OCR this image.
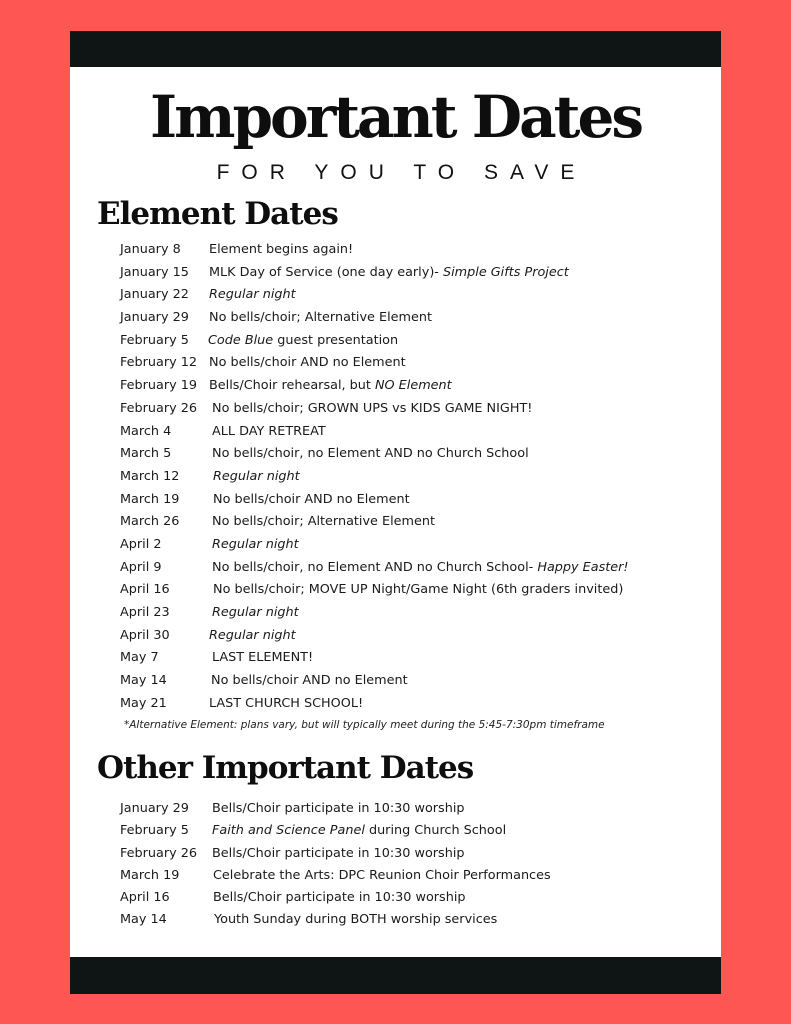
Important Dates
FOR YOU TO SAVE
Element Dates
January 8 Element begins again!
January 15 MLK Day of Service (one day early)- Simple Gifts Project
January 22 Regular night
January 29 No bells/choir; Alternative Element
February 5 Code Blue guest presentation
February 12 No bells/choir AND no Element
February 19 Bells/Choir rehearsal, but NO Element
February 26 No bells/choir; GROWN UPS vs KIDS GAME NIGHT!
March 4	ALL DAY RETREAT
March 5	No bells/choir, no Element AND no Church School
March 12	Regular night
March 19	No bells/choir AND no Element
March 26	No bells/choir; Alternative Element
April 2	Regular night
April 9	No bells/choir, no Element AND no Church School- Happy Easter!
April 16	No bells/choir; MOVE UP Night/Game Night (6th graders invited)
April 23	Regular night
April 30	Regular night
May 7	LAST ELEMENT!
May 14	No bells/choir AND no Element
May 21	LAST CHURCH SCHOOL!
*Alternative Element: plans vary, but will typically meet during the 5:45-7:30pm timeframe
Other Important Dates
January 29 Bells/Choir participate in 10:30 worship
February 5 Faith and Science Panel during Church School
February 26 Bells/Choir participate in 10:30 worship
March 19	Celebrate the Arts: DPC Reunion Choir Performances
April 16	Bells/Choir participate in 10:30 worship
May 14	Youth Sunday during BOTH worship services
